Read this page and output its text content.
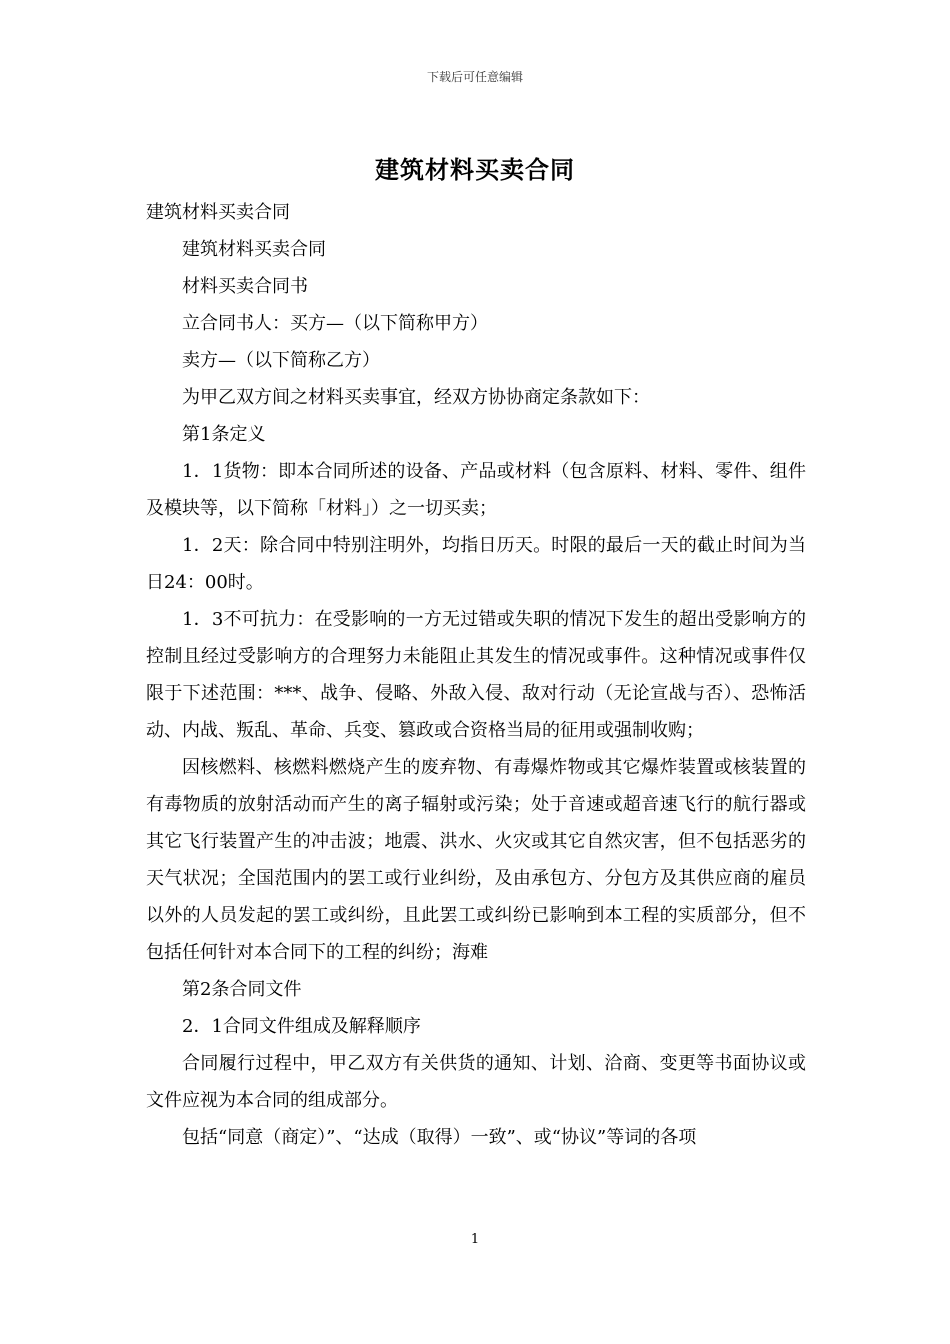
下载后可任意编辑
建筑材料买卖合同

建筑材料买卖合同

建筑材料买卖合同

材料买卖合同书

立合同书人：买方—（以下简称甲方）

卖方—（以下简称乙方）

为甲乙双方间之材料买卖事宜，经双方协协商定条款如下：

第1条定义

1．1货物：即本合同所述的设备、产品或材料（包含原料、材料、零件、组件及模块等，以下简称「材料」）之一切买卖；

1．2天：除合同中特别注明外，均指日历天。时限的最后一天的截止时间为当日24：00时。

1．3不可抗力：在受影响的一方无过错或失职的情况下发生的超出受影响方的控制且经过受影响方的合理努力未能阻止其发生的情况或事件。这种情况或事件仅限于下述范围：***、战争、侵略、外敌入侵、敌对行动（无论宣战与否）、恐怖活动、内战、叛乱、革命、兵变、篡政或合资格当局的征用或强制收购；

因核燃料、核燃料燃烧产生的废弃物、有毒爆炸物或其它爆炸装置或核装置的有毒物质的放射活动而产生的离子辐射或污染；处于音速或超音速飞行的航行器或其它飞行装置产生的冲击波；地震、洪水、火灾或其它自然灾害，但不包括恶劣的天气状况；全国范围内的罢工或行业纠纷，及由承包方、分包方及其供应商的雇员以外的人员发起的罢工或纠纷，且此罢工或纠纷已影响到本工程的实质部分，但不包括任何针对本合同下的工程的纠纷；海难

第2条合同文件

2．1合同文件组成及解释顺序

合同履行过程中，甲乙双方有关供货的通知、计划、洽商、变更等书面协议或文件应视为本合同的组成部分。

包括“同意（商定）”、“达成（取得）一致”、或“协议”等词的各项

1
